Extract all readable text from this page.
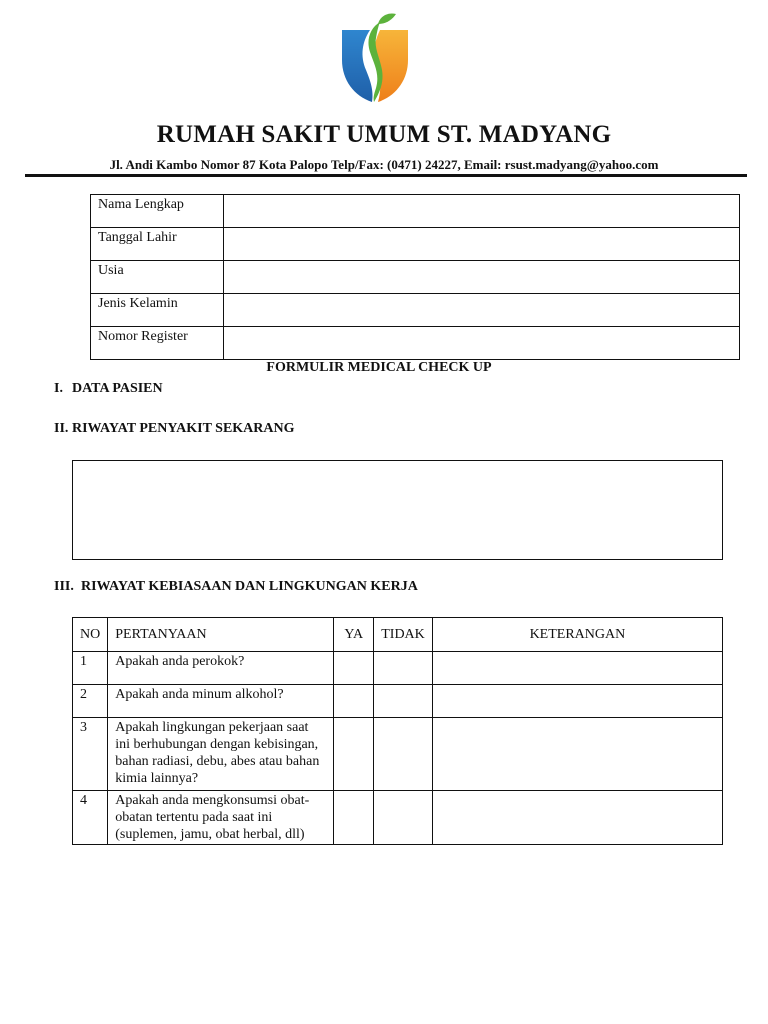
RUMAH SAKIT UMUM ST. MADYANG
Jl. Andi Kambo Nomor 87 Kota Palopo Telp/Fax: (0471) 24227, Email: rsust.madyang@yahoo.com
Nama Lengkap	
Tanggal Lahir	
Usia	
Jenis Kelamin	
Nomor Register	
FORMULIR MEDICAL CHECK UP
I. DATA PASIEN
II. RIWAYAT PENYAKIT SEKARANG
III. RIWAYAT KEBIASAAN DAN LINGKUNGAN KERJA
NO	PERTANYAAN	YA	TIDAK	KETERANGAN
1	Apakah anda perokok?			
2	Apakah anda minum alkohol?			
3	Apakah lingkungan pekerjaan saat ini berhubungan dengan kebisingan, bahan radiasi, debu, abes atau bahan kimia lainnya?			
4	Apakah anda mengkonsumsi obat-obatan tertentu pada saat ini (suplemen, jamu, obat herbal, dll)			
